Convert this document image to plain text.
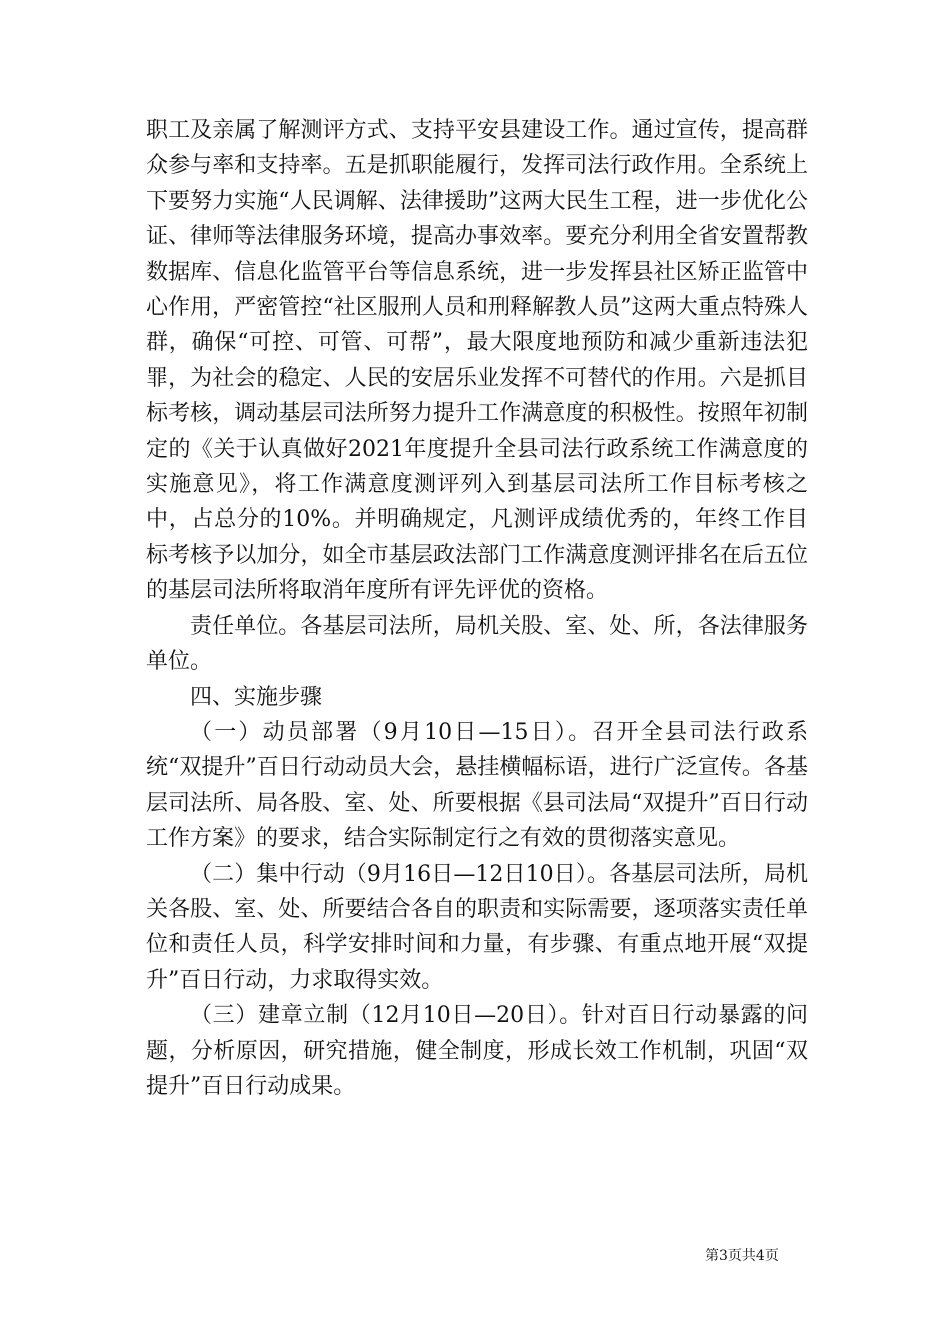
职工及亲属了解测评方式、支持平安县建设工作。通过宣传，提高群众参与率和支持率。五是抓职能履行，发挥司法行政作用。全系统上下要努力实施“人民调解、法律援助”这两大民生工程，进一步优化公证、律师等法律服务环境，提高办事效率。要充分利用全省安置帮教数据库、信息化监管平台等信息系统，进一步发挥县社区矫正监管中心作用，严密管控“社区服刑人员和刑释解教人员”这两大重点特殊人群，确保“可控、可管、可帮”，最大限度地预防和减少重新违法犯罪，为社会的稳定、人民的安居乐业发挥不可替代的作用。六是抓目标考核，调动基层司法所努力提升工作满意度的积极性。按照年初制定的《关于认真做好2021年度提升全县司法行政系统工作满意度的实施意见》，将工作满意度测评列入到基层司法所工作目标考核之中，占总分的10%。并明确规定，凡测评成绩优秀的，年终工作目标考核予以加分，如全市基层政法部门工作满意度测评排名在后五位的基层司法所将取消年度所有评先评优的资格。

责任单位。各基层司法所，局机关股、室、处、所，各法律服务单位。

四、实施步骤

（一）动员部署（9月10日—15日）。召开全县司法行政系统“双提升”百日行动动员大会，悬挂横幅标语，进行广泛宣传。各基层司法所、局各股、室、处、所要根据《县司法局“双提升”百日行动工作方案》的要求，结合实际制定行之有效的贯彻落实意见。

（二）集中行动（9月16日—12日10日）。各基层司法所，局机关各股、室、处、所要结合各自的职责和实际需要，逐项落实责任单位和责任人员，科学安排时间和力量，有步骤、有重点地开展“双提升”百日行动，力求取得实效。

（三）建章立制（12月10日—20日）。针对百日行动暴露的问题，分析原因，研究措施，健全制度，形成长效工作机制，巩固“双提升”百日行动成果。

第3页共4页
